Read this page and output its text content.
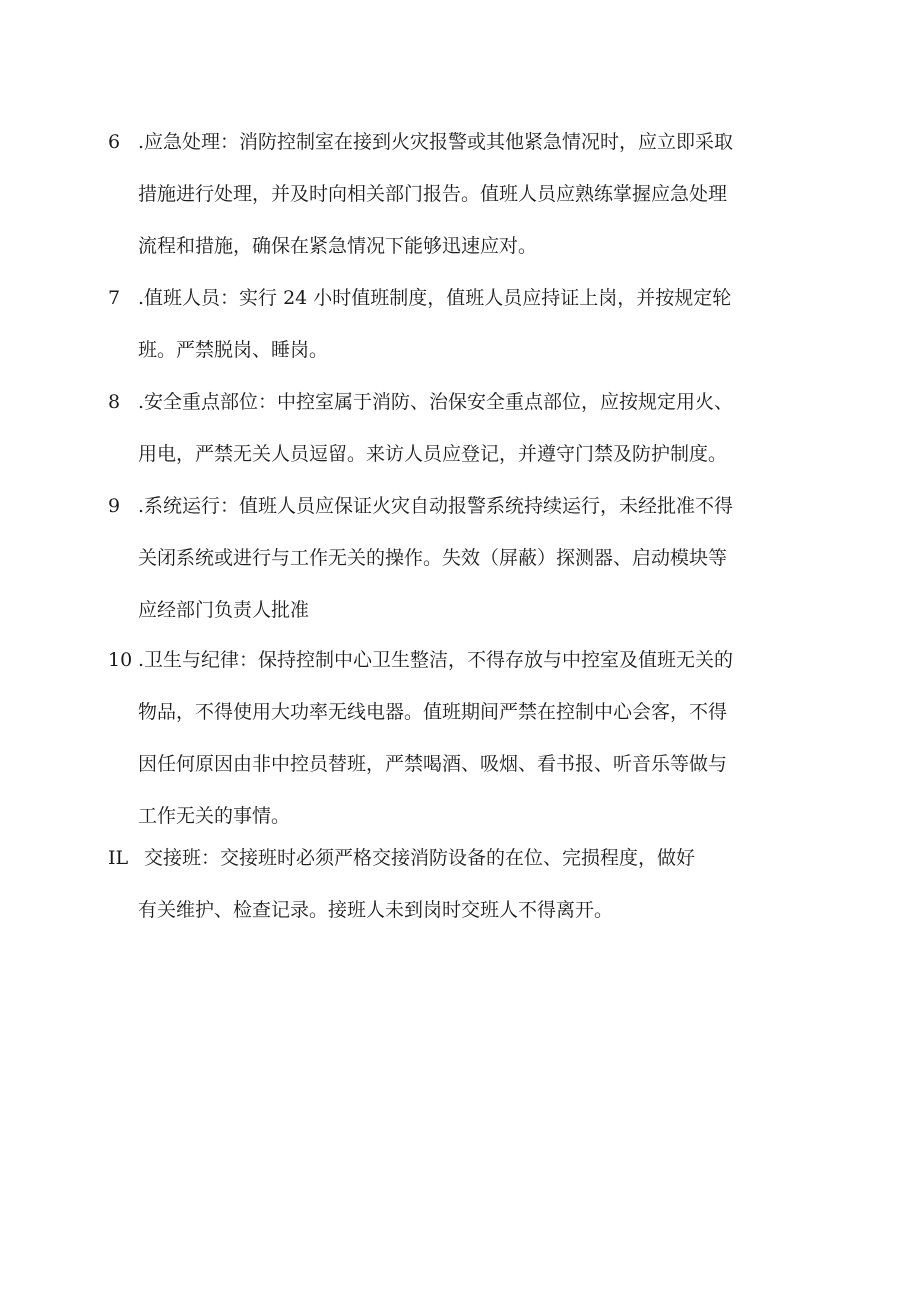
6 .应急处理：消防控制室在接到火灾报警或其他紧急情况时，应立即采取
措施进行处理，并及时向相关部门报告。值班人员应熟练掌握应急处理
流程和措施，确保在紧急情况下能够迅速应对。
7 .值班人员：实行 24 小时值班制度，值班人员应持证上岗，并按规定轮
班。严禁脱岗、睡岗。
8 .安全重点部位：中控室属于消防、治保安全重点部位，应按规定用火、
用电，严禁无关人员逗留。来访人员应登记，并遵守门禁及防护制度。
9 .系统运行：值班人员应保证火灾自动报警系统持续运行，未经批准不得
关闭系统或进行与工作无关的操作。失效（屏蔽）探测器、启动模块等
应经部门负责人批准
10 .卫生与纪律：保持控制中心卫生整洁，不得存放与中控室及值班无关的
物品，不得使用大功率无线电器。值班期间严禁在控制中心会客，不得
因任何原因由非中控员替班，严禁喝酒、吸烟、看书报、听音乐等做与
工作无关的事情。
IL 交接班：交接班时必须严格交接消防设备的在位、完损程度，做好
有关维护、检查记录。接班人未到岗时交班人不得离开。
